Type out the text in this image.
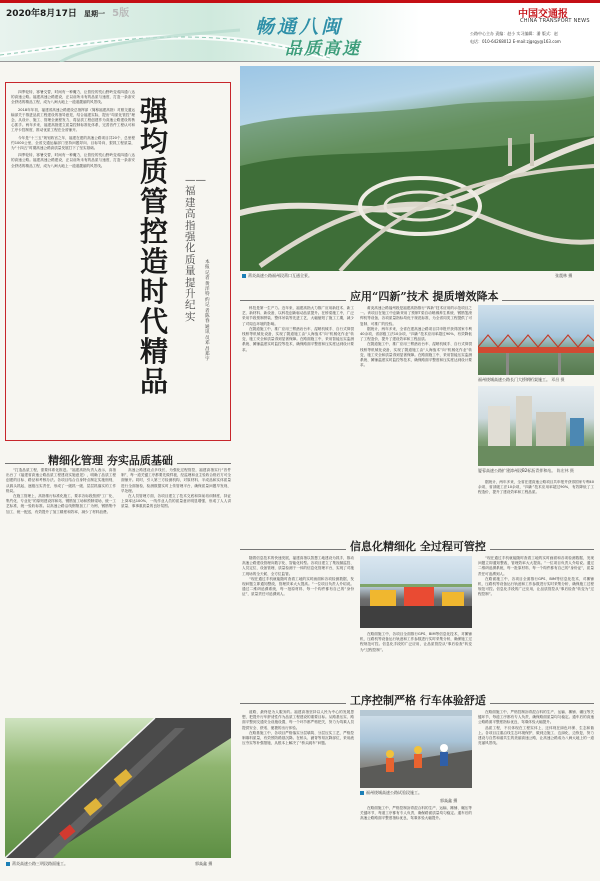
2020年8月17日 星期一 5版
畅通八闽
品质高速
中国交通报
CHINA TRANSPORT NEWS
公路中心主办 责编：赵小 实习编辑：潘 版式：赵
电话：010-64268012 E-mail:zjgsgy@163.com
莆炎高速公路福州段莆口互通全景。	张震林 摄

四季轮转，寒暑交替，时间有一种魔力，让曾经的荒山野岭变成四通八达的高速公路。福建高速公路建设，正以前所未有的品质与速度，打造一条条安全舒适的精品工程，成为八闽大地上一道道靓丽的风景线。

2018年年初，福建省高速公路建设总指挥部（简称福建高指）对照交通运输部关于推进品质工程建设的指导意见，结合福建实际，提出“均质化管控”理念，从设计、施工、管理全流程发力，将品质工程创建作为高速公路建设的核心抓手。两年多来，福建高指建立质量控制标准化体系，完善首件工程认可和工序卡控制度，推动优质工程在全省铺开。

今年是“十三五”规划收官之年，福建在建的高速公路项目共20个，总里程约1000公里，全省交通运输部门坚持问题导向、目标导向，狠抓工程质量，为“十四五”时期高速公路高质量发展打下了坚实基础。

四季轮转，寒暑交替，时间有一种魔力，让曾经的荒山野岭变成四通八达的高速公路。福建高速公路建设，正以前所未有的品质与速度，打造一条条安全舒适的精品工程，成为八闽大地上一道道靓丽的风景线。

强均质管控 造时代精品
——福建高指强化质量提升纪实
本报记者 黄洋 特约记者 陈春 通讯员 邓昌 郑宇
应用“四新”技术 提质增效降本

科技是第一生产力。近年来，福建高指大力推广应用新技术、新工艺、新材料、新设备，以科技创新驱动品质提升。在桥梁施工中，广泛采用节段预制拼装、整体吊装等先进工艺，大幅缩短了施工工期，减少了对周边环境的影响。

在隧道施工中，推广应用三臂凿岩台车、湿喷机械手、自行式仰拱栈桥等机械化设备，实现了隧道施工由“人海战术”向“机械化作业”转变，施工安全和质量得到显著保障。在路面施工中，采用智能压实监测系统、摊铺温度实时监控等技术，确保路面平整度和压实度达到设计要求。

莆炎高速公路福州段是福建高指推行“四新”技术应用的示范项目之一。该项目在施工中创新采用了预制T梁自动喷淋养生系统、钢筋笼滚焊机等设备，各项质量指标均优于规范标准，为全省同类工程提供了可复制、可推广的经验。

据统计，两年多来，全省在建高速公路项目共申报并获得国家专利40余项，省部级工法10余项，“四新”技术应用率超过90%，有效降低了工程造价，提升了建设效率和工程品质。

在隧道施工中，推广应用三臂凿岩台车、湿喷机械手、自行式仰拱栈桥等机械化设备，实现了隧道施工由“人海战术”向“机械化作业”转变，施工安全和质量得到显著保障。在路面施工中，采用智能压实监测系统、摊铺温度实时监控等技术，确保路面平整度和压实度达到设计要求。

福州绕城高速公路长门大桥钢桁架施工。 邓昌 摄
厦蓉高速公路扩建漳州段B2标沥青拌和站。 陈宏林 摄

据统计，两年多来，全省在建高速公路项目共申报并获得国家专利40余项，省部级工法10余项，“四新”技术应用率超过90%，有效降低了工程造价，提升了建设效率和工程品质。

精细化管理 夯实品质基础

“打造品质工程，需要体系化推进。”福建高指负责人表示，高指出台了《福建省高速公路品质工程建设实施意见》，明确了品质工程创建的目标、路径和考核办法。各项目结合自身特点制定实施细则，从源头抓起，逐级压实责任，形成了一级抓一级、层层抓落实的工作格局。

在施工管理上，高指推行标准化施工，要求各标段按照“工厂化、集约化、专业化”的原则建设拌和站、钢筋加工场和预制梁场，统一工艺标准，统一验收标准。以高速公路沿线钢筋加工厂为例，钢筋集中加工、统一配送，有效提升了加工精度和效率，减少了材料浪费。

高速公路建设点多线长，为强化过程管控，福建高指实行“首件制”，每一道关键工序都要先做样板，经监理和业主验收合格后方可全面铺开。同时，引入第三方检测机构，对原材料、半成品和实体质量进行全面抽检，检测数据实时上传管理平台，确保质量问题早发现、早处理。

在人员管理方面，各项目建立了技术交底和岗前培训制度，持证上岗率达100%，一线作业人员的质量意识明显增强，形成了人人讲质量、事事重质量的良好氛围。

莆炎高速公路三明段路面施工。	郭焱鑫 摄
信息化精细化 全过程可管控

随着信息技术的快速发展，福建高指以智慧工地建设为抓手，推动高速公路建设管理向数字化、智能化转型。各项目建立了集视频监控、人员定位、设备管理、质量检测于一体的信息化管理平台，实现了对施工现场的全天候、全方位监管。

“现在通过手机就能随时查看工地的实时画面和各项检测数据，发现问题立即通知整改，管理效率大大提高。”一位项目负责人介绍说。通过二维码追溯系统，每一批原材料、每一个构件都有自己的“身份证”，质量责任可追溯到人。

在路面施工中，各项目全面推行GPS、BIM等信息化技术，对摊铺机、压路机等设备运行轨迹和工作参数进行实时采集分析，确保施工过程规范可控。信息化手段的广泛应用，让品质管控从“事后检查”转变为“过程控制”。

“现在通过手机就能随时查看工地的实时画面和各项检测数据，发现问题立即通知整改，管理效率大大提高。”一位项目负责人介绍说。通过二维码追溯系统，每一批原材料、每一个构件都有自己的“身份证”，质量责任可追溯到人。

在路面施工中，各项目全面推行GPS、BIM等信息化技术，对摊铺机、压路机等设备运行轨迹和工作参数进行实时采集分析，确保施工过程规范可控。信息化手段的广泛应用，让品质管控从“事后检查”转变为“过程控制”。

工序控制严格 行车体验舒适

道路，最终是为人服务的。福建高指坚持以人民为中心的发展思想，把提升行车舒适性作为品质工程建设的重要目标。从路基压实、路面平整到交通安全设施设置，每一个环节都严格把关，努力为驾乘人员提供安全、舒适、便捷的出行体验。

在路基施工中，各项目严格落实分层填筑、分层压实工艺，严格控制填料质量，有效预防路基沉降。在桥头、涵背等易沉降部位，采用液压夯实等补强措施，从根本上解决了“桥头跳车”问题。

福州绕城高速公路试验段施工。
郭焱鑫 摄

在路面施工中，严格控制沥青混合料的生产、运输、摊铺、碾压等关键环节，每道工序都有专人负责，确保路面质量均匀稳定。通车后的高速公路路面平整度指标优良，驾乘体验大幅提升。

在路面施工中，严格控制沥青混合料的生产、运输、摊铺、碾压等关键环节，每道工序都有专人负责，确保路面质量均匀稳定。通车后的高速公路路面平整度指标优良，驾乘体验大幅提升。

品质工程，不仅体现在工程实体上，还体现在绿色环保、生态和谐上。各项目注重沿线生态环境保护，做到边施工、边绿化、边恢复，努力建设与自然和谐共生的美丽高速公路，让高速公路成为八闽大地上的一道亮丽风景线。
